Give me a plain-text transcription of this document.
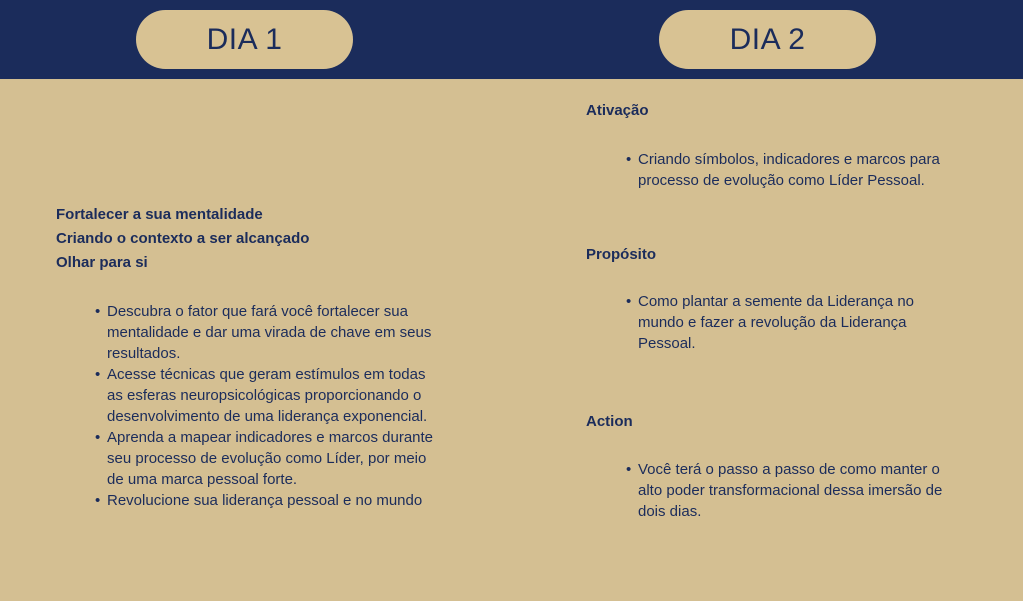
DIA 1	DIA 2
Fortalecer a sua mentalidade
Criando o contexto a ser alcançado
Olhar para si
• Descubra o fator que fará você fortalecer sua mentalidade e dar uma virada de chave em seus resultados.
• Acesse técnicas que geram estímulos em todas as esferas neuropsicológicas proporcionando o desenvolvimento de uma liderança exponencial.
• Aprenda a mapear indicadores e marcos durante seu processo de evolução como Líder, por meio de uma marca pessoal forte.
• Revolucione sua liderança pessoal e no mundo
Ativação
• Criando símbolos, indicadores e marcos para processo de evolução como Líder Pessoal.
Propósito
• Como plantar a semente da Liderança no mundo e fazer a revolução da Liderança Pessoal.
Action
• Você terá o passo a passo de como manter o alto poder transformacional dessa imersão de dois dias.
